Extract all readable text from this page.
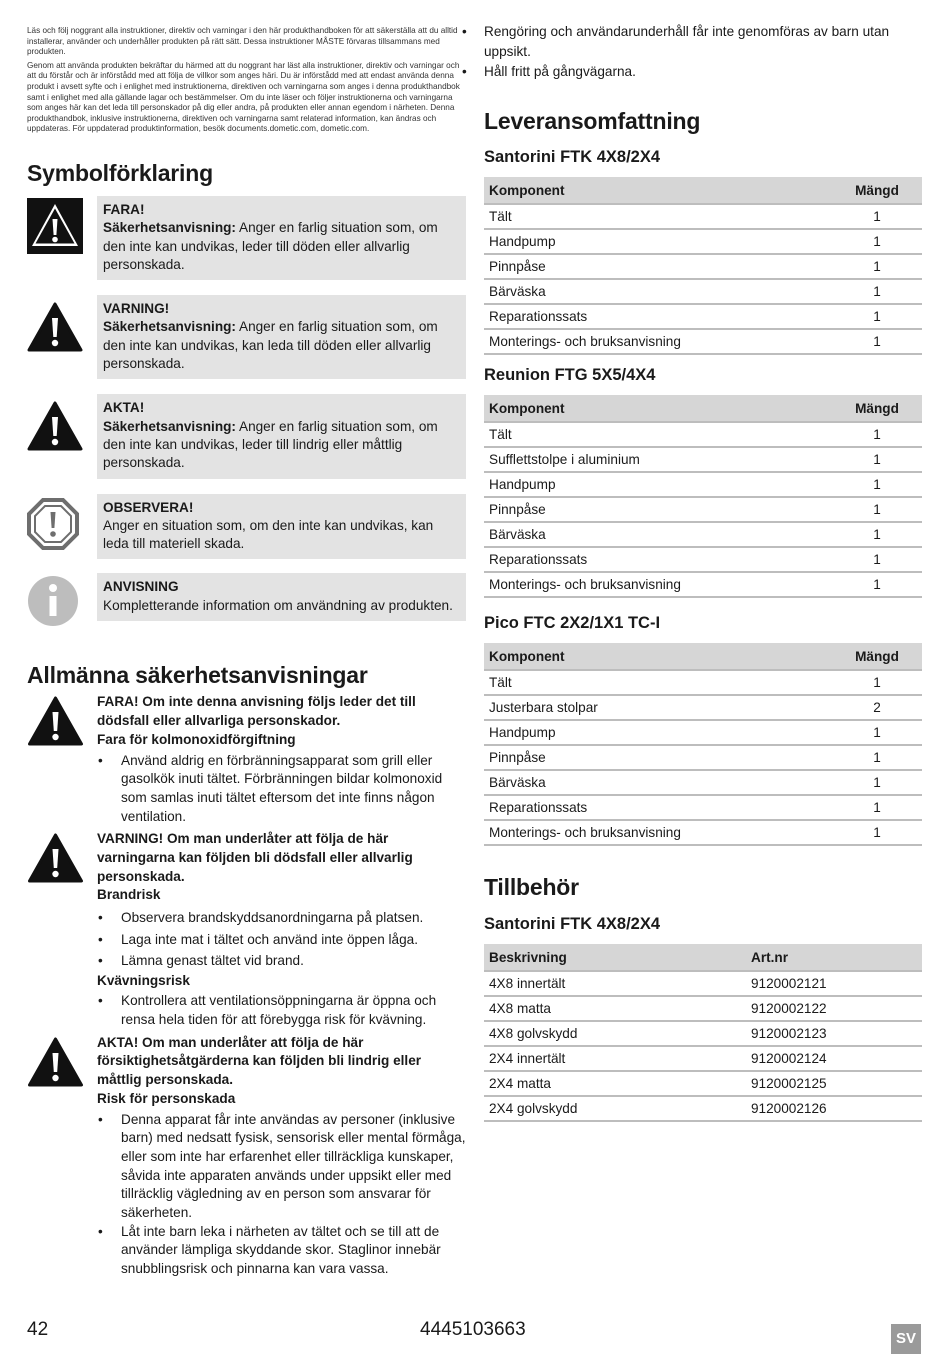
Läs och följ noggrant alla instruktioner, direktiv och varningar i den här produkthandboken för att säkerställa att du alltid installerar, använder och underhåller produkten på rätt sätt. Dessa instruktioner MÅSTE förvaras tillsammans med produkten.

Genom att använda produkten bekräftar du härmed att du noggrant har läst alla instruktioner, direktiv och varningar och att du förstår och är införstådd med att följa de villkor som anges häri. Du är införstådd med att endast använda denna produkt i avsett syfte och i enlighet med instruktionerna, direktiven och varningarna som anges i denna produkthandbok samt i enlighet med alla gällande lagar och bestämmelser. Om du inte läser och följer instruktionerna och varningarna som anges här kan det leda till personskador på dig eller andra, på produkten eller annan egendom i närheten. Denna produkthandbok, inklusive instruktionerna, direktiven och varningarna samt relaterad information, kan ändras och uppdateras. För uppdaterad produktinformation, besök documents.dometic.com, dometic.com.

Symbolförklaring
FARA!
Säkerhetsanvisning: Anger en farlig situation som, om den inte kan undvikas, leder till döden eller allvarlig personskada.
VARNING!
Säkerhetsanvisning: Anger en farlig situation som, om den inte kan undvikas, kan leda till döden eller allvarlig personskada.
AKTA!
Säkerhetsanvisning: Anger en farlig situation som, om den inte kan undvikas, leder till lindrig eller måttlig personskada.
OBSERVERA!
Anger en situation som, om den inte kan undvikas, kan leda till materiell skada.
ANVISNING
Kompletterande information om användning av produkten.
Allmänna säkerhetsanvisningar
FARA! Om inte denna anvisning följs leder det till dödsfall eller allvarliga personskador.
Fara för kolmonoxidförgiftning
• Använd aldrig en förbränningsapparat som grill eller gasolkök inuti tältet. Förbränningen bildar kolmonoxid som samlas inuti tältet eftersom det inte finns någon ventilation.
VARNING! Om man underlåter att följa de här varningarna kan följden bli dödsfall eller allvarlig personskada.
Brandrisk
• Observera brandskyddsanordningarna på platsen.
• Laga inte mat i tältet och använd inte öppen låga.
• Lämna genast tältet vid brand.
Kvävningsrisk
• Kontrollera att ventilationsöppningarna är öppna och rensa hela tiden för att förebygga risk för kvävning.
AKTA! Om man underlåter att följa de här försiktighetsåtgärderna kan följden bli lindrig eller måttlig personskada.
Risk för personskada
• Denna apparat får inte användas av personer (inklusive barn) med nedsatt fysisk, sensorisk eller mental förmåga, eller som inte har erfarenhet eller tillräckliga kunskaper, såvida inte apparaten används under uppsikt eller med tillräcklig vägledning av en person som ansvarar för säkerheten.
• Låt inte barn leka i närheten av tältet och se till att de använder lämpliga skyddande skor. Staglinor innebär snubblingsrisk och pinnarna kan vara vassa.
• Rengöring och användarunderhåll får inte genomföras av barn utan uppsikt.
• Håll fritt på gångvägarna.
Leveransomfattning
Santorini FTK 4X8/2X4
Komponent	Mängd
Tält	1
Handpump	1
Pinnpåse	1
Bärväska	1
Reparationssats	1
Monterings- och bruksanvisning	1
Reunion FTG 5X5/4X4
Komponent	Mängd
Tält	1
Sufflettstolpe i aluminium	1
Handpump	1
Pinnpåse	1
Bärväska	1
Reparationssats	1
Monterings- och bruksanvisning	1
Pico FTC 2X2/1X1 TC-I
Komponent	Mängd
Tält	1
Justerbara stolpar	2
Handpump	1
Pinnpåse	1
Bärväska	1
Reparationssats	1
Monterings- och bruksanvisning	1
Tillbehör
Santorini FTK 4X8/2X4
Beskrivning	Art.nr
4X8 innertält	9120002121
4X8 matta	9120002122
4X8 golvskydd	9120002123
2X4 innertält	9120002124
2X4 matta	9120002125
2X4 golvskydd	9120002126
42	4445103663	SV
